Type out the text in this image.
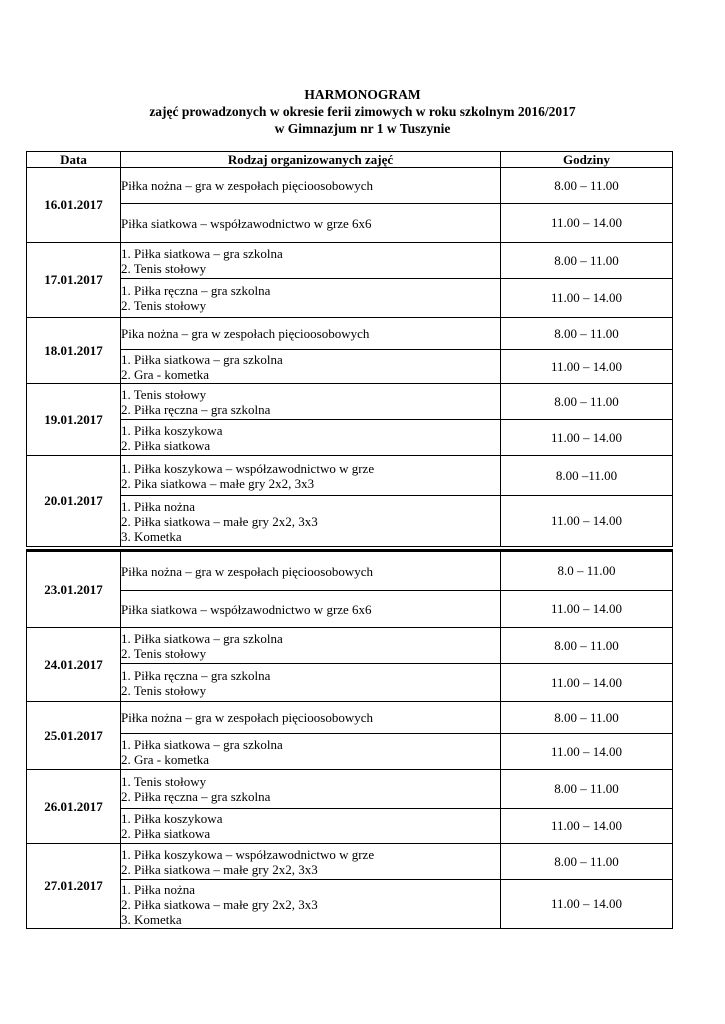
HARMONOGRAM
zajęć prowadzonych w okresie ferii zimowych w roku szkolnym 2016/2017
w Gimnazjum nr 1 w Tuszynie
Data	Rodzaj organizowanych zajęć	Godziny
16.01.2017	Piłka nożna – gra w zespołach pięcioosobowych	8.00 – 11.00

	Piłka siatkowa – współzawodnictwo w grze 6x6	11.00 – 14.00
17.01.2017	1. Piłka siatkowa – gra szkolna
2. Tenis stołowy	8.00 – 11.00

	1. Piłka ręczna – gra szkolna
2. Tenis stołowy	11.00 – 14.00
18.01.2017	Pika nożna – gra w zespołach pięcioosobowych	8.00 – 11.00

	1. Piłka siatkowa – gra szkolna
2. Gra - kometka	11.00 – 14.00
19.01.2017	1. Tenis stołowy
2. Piłka ręczna – gra szkolna	8.00 – 11.00

	1. Piłka koszykowa
2. Piłka siatkowa	11.00 – 14.00
20.01.2017	1. Piłka koszykowa – współzawodnictwo w grze
2. Pika siatkowa – małe gry 2x2, 3x3	8.00 –11.00

	1. Piłka nożna
2. Piłka siatkowa – małe gry 2x2, 3x3
3. Kometka	11.00 – 14.00

23.01.2017	Piłka nożna – gra w zespołach pięcioosobowych	8.0 – 11.00

	Piłka siatkowa – współzawodnictwo w grze 6x6	11.00 – 14.00
24.01.2017	1. Piłka siatkowa – gra szkolna
2. Tenis stołowy	8.00 – 11.00

	1. Piłka ręczna – gra szkolna
2. Tenis stołowy	11.00 – 14.00
25.01.2017	Piłka nożna – gra w zespołach pięcioosobowych	8.00 – 11.00

	1. Piłka siatkowa – gra szkolna
2. Gra - kometka	11.00 – 14.00
26.01.2017	1. Tenis stołowy
2. Piłka ręczna – gra szkolna	8.00 – 11.00

	1. Piłka koszykowa
2. Piłka siatkowa	11.00 – 14.00
27.01.2017	1. Piłka koszykowa – współzawodnictwo w grze
2. Piłka siatkowa – małe gry 2x2, 3x3	8.00 – 11.00

	1. Piłka nożna
2. Piłka siatkowa – małe gry 2x2, 3x3
3. Kometka	11.00 – 14.00
